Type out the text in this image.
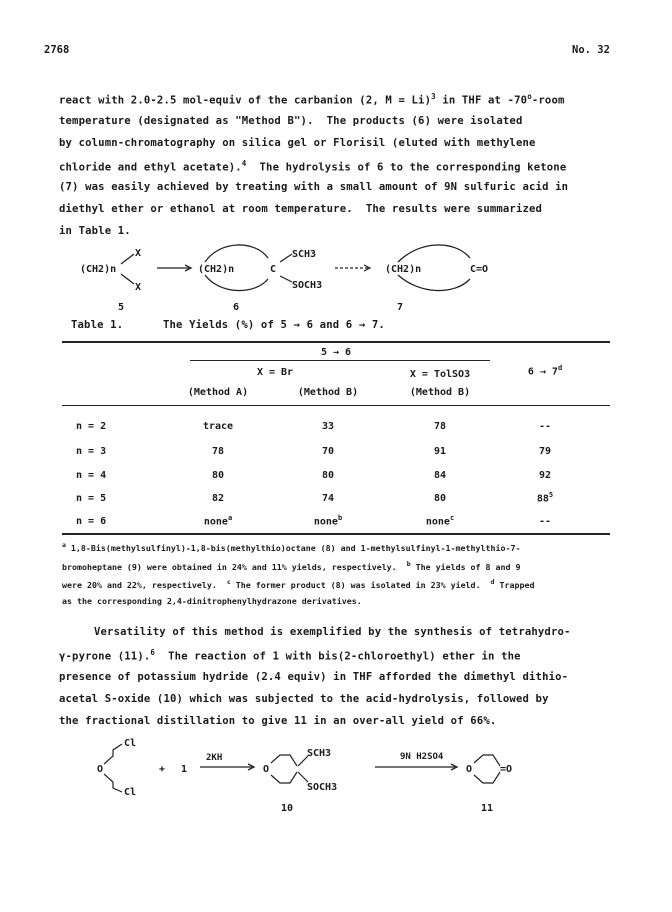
2768	No. 32
react with 2.0-2.5 mol-equiv of the carbanion (2, M = Li)$^3$ in THF at -70$^o$-room
temperature (designated as "Method B").  The products (6) were isolated
by column-chromatography on silica gel or Florisil (eluted with methylene
chloride and ethyl acetate).$^4$ The hydrolysis of 6 to the corresponding ketone
(7) was easily achieved by treating with a small amount of 9N sulfuric acid in
diethyl ether or ethanol at room temperature.  The results were summarized
in Table 1.
(CH2)n
X
X
5
(CH2)n	C
SCH3
SOCH3
6
(CH2)n	C=O
7
Table 1.	The Yields (%) of 5 → 6 and 6 → 7.
5 → 6
X = Br	X = TolSO3	$6 \to 7^d$
(Method A)	(Method B)	(Method B)
n = 2	trace	33	78	--
n = 3	78	70	91	79
n = 4	80	80	84	92
n = 5	82	74	80	$88^5$
n = 6	none$^a$	none$^b$	none$^c$	--
$^a$ 1,8-Bis(methylsulfinyl)-1,8-bis(methylthio)octane (8) and 1-methylsulfinyl-1-methylthio-7-
bromoheptane (9) were obtained in 24% and 11% yields, respectively. $^b$ The yields of 8 and 9
were 20% and 22%, respectively. $^c$ The former product (8) was isolated in 23% yield. $^d$ Trapped
as the corresponding 2,4-dinitrophenylhydrazone derivatives.
Versatility of this method is exemplified by the synthesis of tetrahydro-
γ-pyrone (11).$^6$ The reaction of 1 with bis(2-chloroethyl) ether in the
presence of potassium hydride (2.4 equiv) in THF afforded the dimethyl dithio-
acetal S-oxide (10) which was subjected to the acid-hydrolysis, followed by
the fractional distillation to give 11 in an over-all yield of 66%.
Cl
Cl
O	+ 1
2KH
O
SCH3
SOCH3
10
9N H2SO4
O	=O
11
